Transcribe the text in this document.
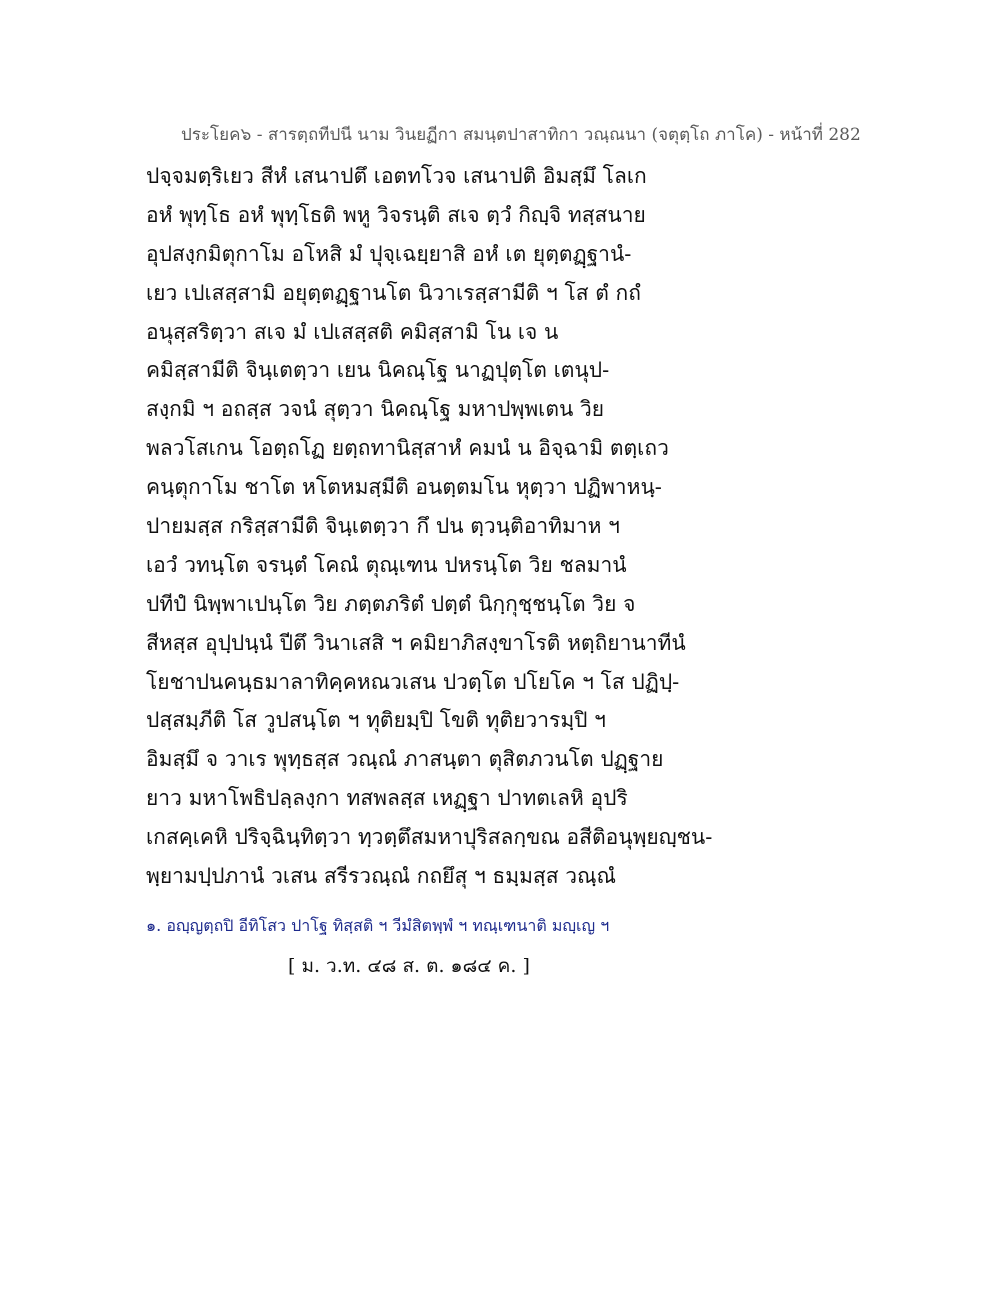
ประโยค๖ - สารตฺถทีปนี นาม วินยฏีกา สมนฺตปาสาทิกา วณฺณนา (จตุตฺโถ ภาโค) - หน้าที่ 282
ปจฺจมตฺริเยว สีหํ เสนาปตึ เอตทโวจ เสนาปติ อิมสฺมึ โลเก
อหํ พุทฺโธ อหํ พุทฺโธติ พหู วิจรนฺติ สเจ ตฺวํ กิญฺจิ ทสฺสนาย
อุปสงฺกมิตุกาโม อโหสิ มํ ปุจฺเฉยฺยาสิ อหํ เต ยุตฺตฏฺฐานํ-
เยว เปเสสฺสามิ อยุตฺตฏฺฐานโต นิวาเรสฺสามีติ ฯ โส ตํ กถํ
อนุสฺสริตฺวา สเจ มํ เปเสสฺสติ คมิสฺสามิ โน เจ น
คมิสฺสามีติ จินฺเตตฺวา เยน นิคณฺโฐ นาฏปุตฺโต เตนุป-
สงฺกมิ ฯ อถสฺส วจนํ สุตฺวา นิคณฺโฐ มหาปพฺพเตน วิย
พลวโสเกน โอตฺถโฏ ยตฺถทานิสฺสาหํ คมนํ น อิจฺฉามิ ตตฺเถว
คนฺตุกาโม ชาโต หโตหมสฺมีติ อนตฺตมโน หุตฺวา ปฏิพาหนฺ-
ปายมสฺส กริสฺสามีติ จินฺเตตฺวา กึ ปน ตฺวนฺติอาทิมาห ฯ
เอวํ วทนฺโต จรนฺตํ โคณํ ตุณฺเฑน ปหรนฺโต วิย ชลมานํ
ปทีปํ นิพฺพาเปนฺโต วิย ภตฺตภริตํ ปตฺตํ นิกฺกุชฺชนฺโต วิย จ
สีหสฺส อุปฺปนฺนํ ปีตึ วินาเสสิ ฯ คมิยาภิสงฺขาโรติ หตฺถิยานาทีนํ
โยชาปนคนฺธมาลาทิคฺคหณวเสน ปวตฺโต ปโยโค ฯ โส ปฏิปฺ-
ปสฺสมฺภีติ โส วูปสนฺโต ฯ ทุติยมฺปิ โขติ ทุติยวารมฺปิ ฯ
อิมสฺมึ จ วาเร พุทฺธสฺส วณฺณํ ภาสนฺตา ตุสิตภวนโต ปฏฺฐาย
ยาว มหาโพธิปลฺลงฺกา ทสพลสฺส เหฏฺฐา ปาทตเลหิ อุปริ
เกสคฺเคหิ ปริจฺฉินฺทิตฺวา ทฺวตฺตึสมหาปุริสลกฺขณ อสีติอนุพฺยญฺชน-
พฺยามปฺปภานํ วเสน สรีรวณฺณํ กถยึสุ ฯ ธมฺมสฺส วณฺณํ
๑. อญฺญตฺถปิ อีทิโสว ปาโฐ ทิสฺสติ ฯ วีมํสิตพฺพํ ฯ ทณฺเฑนาติ มญฺเญ ฯ
[ ม. ว.ท. ๔๘ ส. ต. ๑๘๔ ค. ]
